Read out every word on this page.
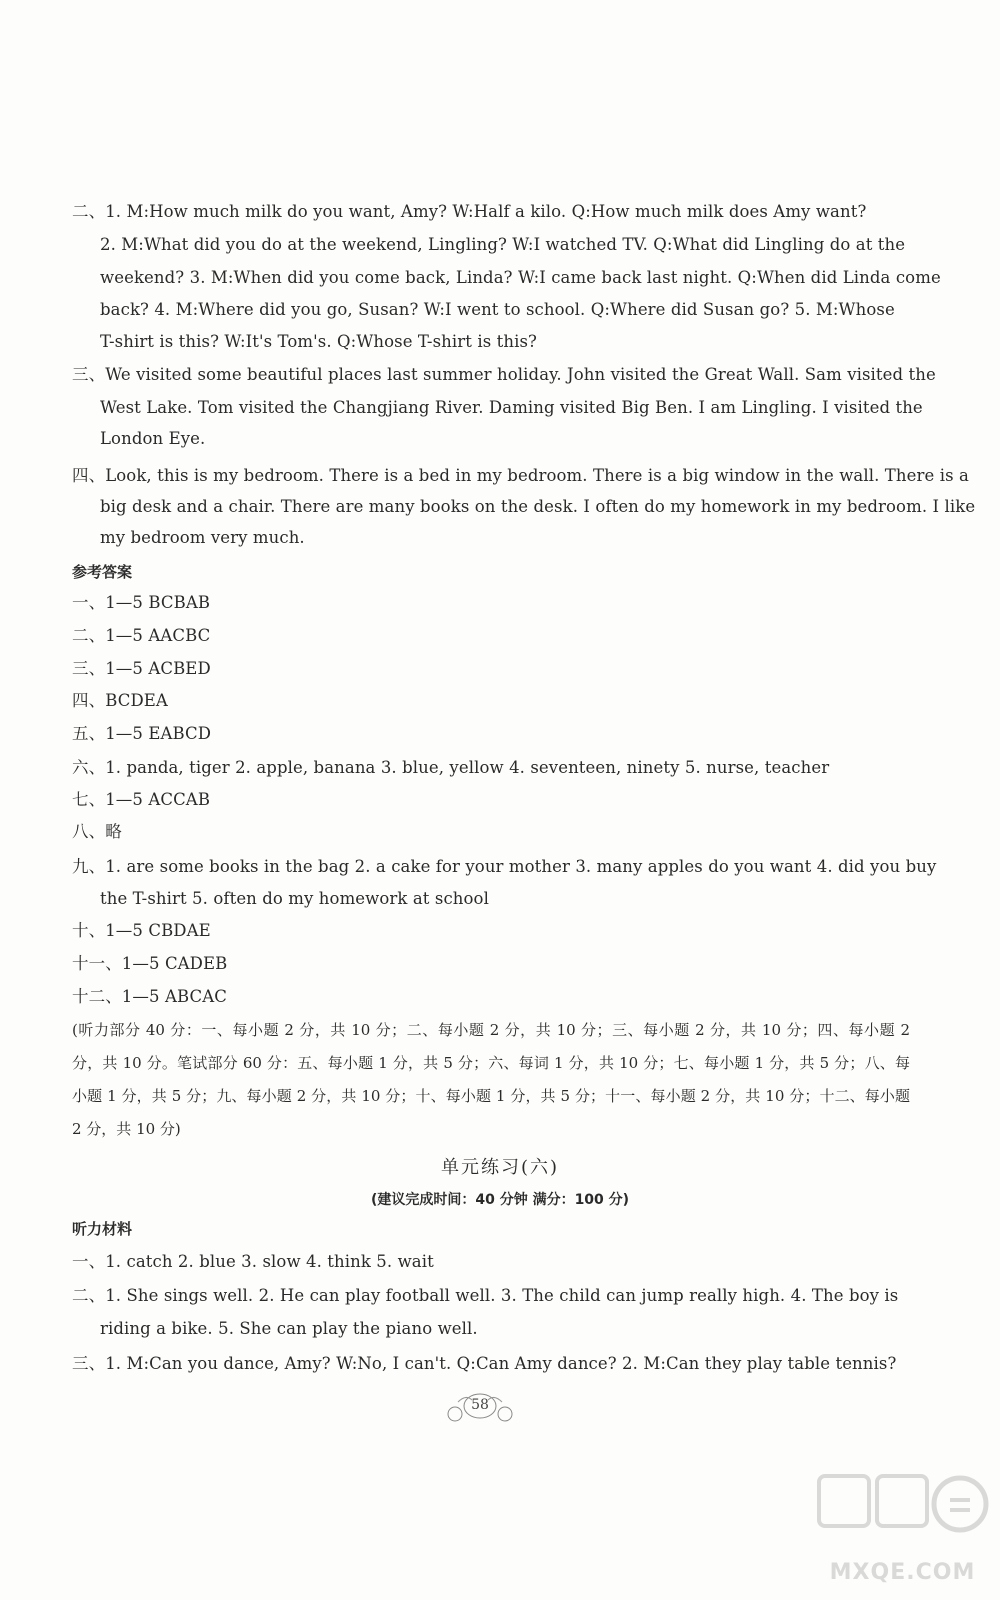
二、1. M:How much milk do you want, Amy? W:Half a kilo. Q:How much milk does Amy want?
2. M:What did you do at the weekend, Lingling? W:I watched TV. Q:What did Lingling do at the
weekend? 3. M:When did you come back, Linda? W:I came back last night. Q:When did Linda come
back? 4. M:Where did you go, Susan? W:I went to school. Q:Where did Susan go? 5. M:Whose
T-shirt is this? W:It's Tom's. Q:Whose T-shirt is this?
三、We visited some beautiful places last summer holiday. John visited the Great Wall. Sam visited the
West Lake. Tom visited the Changjiang River. Daming visited Big Ben. I am Lingling. I visited the
London Eye.
四、Look, this is my bedroom. There is a bed in my bedroom. There is a big window in the wall. There is a
big desk and a chair. There are many books on the desk. I often do my homework in my bedroom. I like
my bedroom very much.
参考答案
一、1—5 BCBAB
二、1—5 AACBC
三、1—5 ACBED
四、BCDEA
五、1—5 EABCD
六、1. panda, tiger 2. apple, banana 3. blue, yellow 4. seventeen, ninety 5. nurse, teacher
七、1—5 ACCAB
八、略
九、1. are some books in the bag 2. a cake for your mother 3. many apples do you want 4. did you buy
the T-shirt 5. often do my homework at school
十、1—5 CBDAE
十一、1—5 CADEB
十二、1—5 ABCAC
(听力部分 40 分：一、每小题 2 分，共 10 分；二、每小题 2 分，共 10 分；三、每小题 2 分，共 10 分；四、每小题 2 分，共 10 分。笔试部分 60 分：五、每小题 1 分，共 5 分；六、每词 1 分，共 10 分；七、每小题 1 分，共 5 分；八、每小题 1 分，共 5 分；九、每小题 2 分，共 10 分；十、每小题 1 分，共 5 分；十一、每小题 2 分，共 10 分；十二、每小题 2 分，共 10 分)
单元练习(六)
(建议完成时间：40 分钟 满分：100 分)
听力材料
一、1. catch 2. blue 3. slow 4. think 5. wait
二、1. She sings well. 2. He can play football well. 3. The child can jump really high. 4. The boy is
riding a bike. 5. She can play the piano well.
三、1. M:Can you dance, Amy? W:No, I can't. Q:Can Amy dance? 2. M:Can they play table tennis?
58
MXQE.COM
